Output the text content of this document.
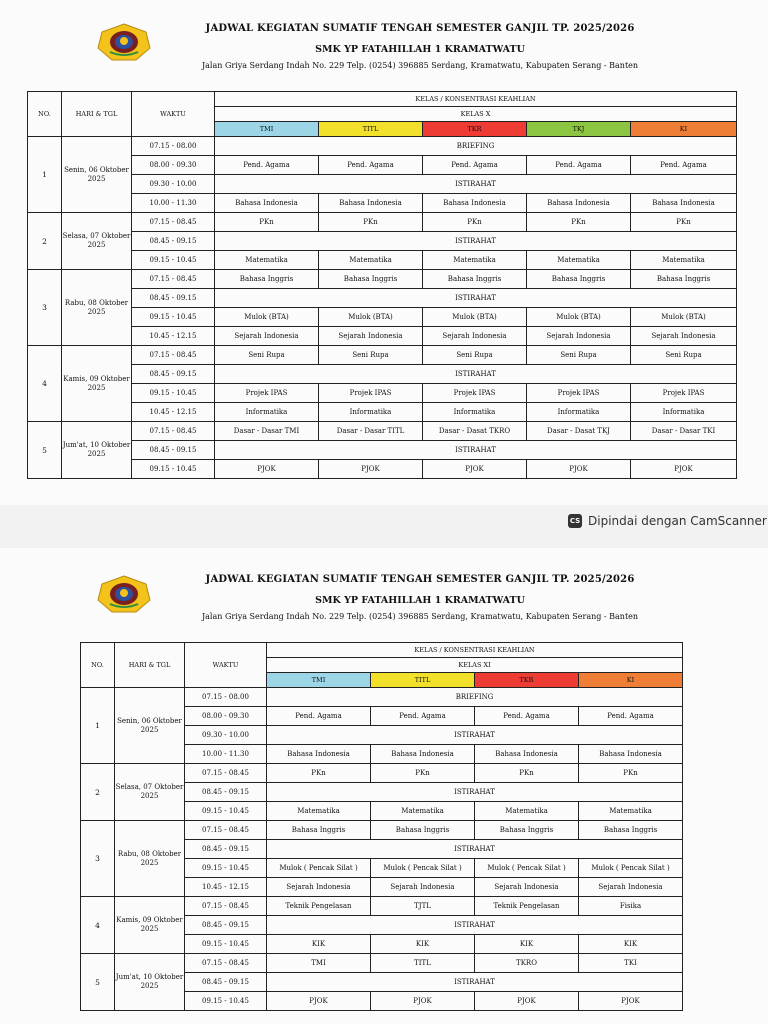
JADWAL KEGIATAN SUMATIF TENGAH SEMESTER GANJIL TP. 2025/2026
SMK YP FATAHILLAH 1 KRAMATWATU
Jalan Griya Serdang Indah No. 229 Telp. (0254) 396885 Serdang, Kramatwatu, Kabupaten Serang - Banten
NO.	HARI & TGL	WAKTU	KELAS / KONSENTRASI KEAHLIAN				
			KELAS X				
			TMI	TITL	TKR	TKJ	KI
1	Senin, 06 Oktober 2025	07.15 - 08.00	BRIEFING				
		08.00 - 09.30	Pend. Agama	Pend. Agama	Pend. Agama	Pend. Agama	Pend. Agama
		09.30 - 10.00	ISTIRAHAT				
		10.00 - 11.30	Bahasa Indonesia	Bahasa Indonesia	Bahasa Indonesia	Bahasa Indonesia	Bahasa Indonesia
2	Selasa, 07 Oktober 2025	07.15 - 08.45	PKn	PKn	PKn	PKn	PKn
		08.45 - 09.15	ISTIRAHAT				
		09.15 - 10.45	Matematika	Matematika	Matematika	Matematika	Matematika
3	Rabu, 08 Oktober 2025	07.15 - 08.45	Bahasa Inggris	Bahasa Inggris	Bahasa Inggris	Bahasa Inggris	Bahasa Inggris
		08.45 - 09.15	ISTIRAHAT				
		09.15 - 10.45	Mulok (BTA)	Mulok (BTA)	Mulok (BTA)	Mulok (BTA)	Mulok (BTA)
		10.45 - 12.15	Sejarah Indonesia	Sejarah Indonesia	Sejarah Indonesia	Sejarah Indonesia	Sejarah Indonesia
4	Kamis, 09 Oktober 2025	07.15 - 08.45	Seni Rupa	Seni Rupa	Seni Rupa	Seni Rupa	Seni Rupa
		08.45 - 09.15	ISTIRAHAT				
		09.15 - 10.45	Projek IPAS	Projek IPAS	Projek IPAS	Projek IPAS	Projek IPAS
		10.45 - 12.15	Informatika	Informatika	Informatika	Informatika	Informatika
5	Jum'at, 10 Oktober 2025	07.15 - 08.45	Dasar - Dasar TMI	Dasar - Dasar TITL	Dasar - Dasat TKRO	Dasar - Dasat TKJ	Dasar - Dasar TKI
		08.45 - 09.15	ISTIRAHAT				
		09.15 - 10.45	PJOK	PJOK	PJOK	PJOK	PJOK
CS Dipindai dengan CamScanner
JADWAL KEGIATAN SUMATIF TENGAH SEMESTER GANJIL TP. 2025/2026
SMK YP FATAHILLAH 1 KRAMATWATU
Jalan Griya Serdang Indah No. 229 Telp. (0254) 396885 Serdang, Kramatwatu, Kabupaten Serang - Banten
NO.	HARI & TGL	WAKTU	KELAS / KONSENTRASI KEAHLIAN			
			KELAS XI			
			TMI	TITL	TKR	KI
1	Senin, 06 Oktober 2025	07.15 - 08.00	BRIEFING			
		08.00 - 09.30	Pend. Agama	Pend. Agama	Pend. Agama	Pend. Agama
		09.30 - 10.00	ISTIRAHAT			
		10.00 - 11.30	Bahasa Indonesia	Bahasa Indonesia	Bahasa Indonesia	Bahasa Indonesia
2	Selasa, 07 Oktober 2025	07.15 - 08.45	PKn	PKn	PKn	PKn
		08.45 - 09.15	ISTIRAHAT			
		09.15 - 10.45	Matematika	Matematika	Matematika	Matematika
3	Rabu, 08 Oktober 2025	07.15 - 08.45	Bahasa Inggris	Bahasa Inggris	Bahasa Inggris	Bahasa Inggris
		08.45 - 09.15	ISTIRAHAT			
		09.15 - 10.45	Mulok ( Pencak Silat )	Mulok ( Pencak Silat )	Mulok ( Pencak Silat )	Mulok ( Pencak Silat )
		10.45 - 12.15	Sejarah Indonesia	Sejarah Indonesia	Sejarah Indonesia	Sejarah Indonesia
4	Kamis, 09 Oktober 2025	07.15 - 08.45	Teknik Pengelasan	TJTL	Teknik Pengelasan	Fisika
		08.45 - 09.15	ISTIRAHAT			
		09.15 - 10.45	KIK	KIK	KIK	KIK
5	Jum'at, 10 Oktober 2025	07.15 - 08.45	TMI	TITL	TKRO	TKI
		08.45 - 09.15	ISTIRAHAT			
		09.15 - 10.45	PJOK	PJOK	PJOK	PJOK
